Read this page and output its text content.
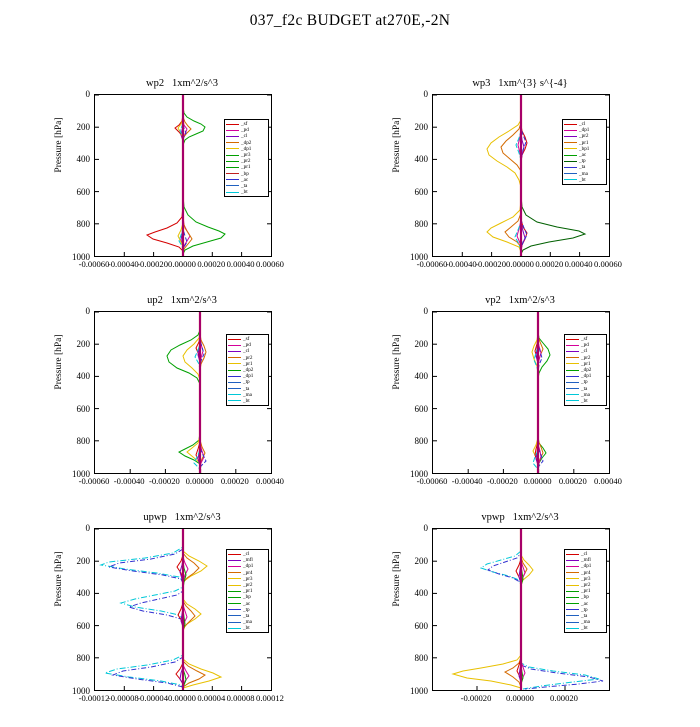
037_f2c BUDGET at270E,-2N
wp2   1xm^2/s^3
Pressure [hPa]
0
200
400
600
800
1000
_sf
_pd
_cl
_dp2
_dp1
_pr3
_pr2
_pr1
_bp
_ac
_ta
_bt
-0.00060
-0.00040
-0.00020 0.00000 0.00020 0.00040 0.00060
wp3   1xm^{3} s^{-4}
Pressure [hPa]
0
200
400
600
800
1000
_cl
_dp1
_pr2
_pr1
_bp1
_ac
_tp
_ta
_ma
_bt
-0.00060
-0.00040
-0.00020 0.00000 0.00020 0.00040 0.00060
up2   1xm^2/s^3
Pressure [hPa]
0
200
400
600
800
1000
_sf
_pd
_cl
_pr2
_pr1
_dp2
_dp1
_tp
_ta
_ma
_bt
-0.00060 -0.00040 -0.00020 0.00000 0.00020 0.00040
vp2   1xm^2/s^3
Pressure [hPa]
0
200
400
600
800
1000
_sf
_pd
_cl
_pr2
_pr1
_dp2
_dp1
_tp
_ta
_ma
_bt
-0.00060 -0.00040 -0.00020 0.00000 0.00020 0.00040
upwp   1xm^2/s^3
Pressure [hPa]
0
200
400
600
800
1000
_cl
_mfl
_dp1
_pr4
_pr3
_pr2
_pr1
_bp
_ac
_tp
_ta
_ma
_bt
-0.00012
-0.00008
-0.00004 0.00000 0.00004 0.00008 0.00012
vpwp   1xm^2/s^3
Pressure [hPa]
0
200
400
600
800
1000
_cl
_mfl
_dp1
_pr4
_pr3
_pr2
_pr1
_bp
_ac
_tp
_ta
_ma
_bt
-0.00020 0.00000 0.00020
